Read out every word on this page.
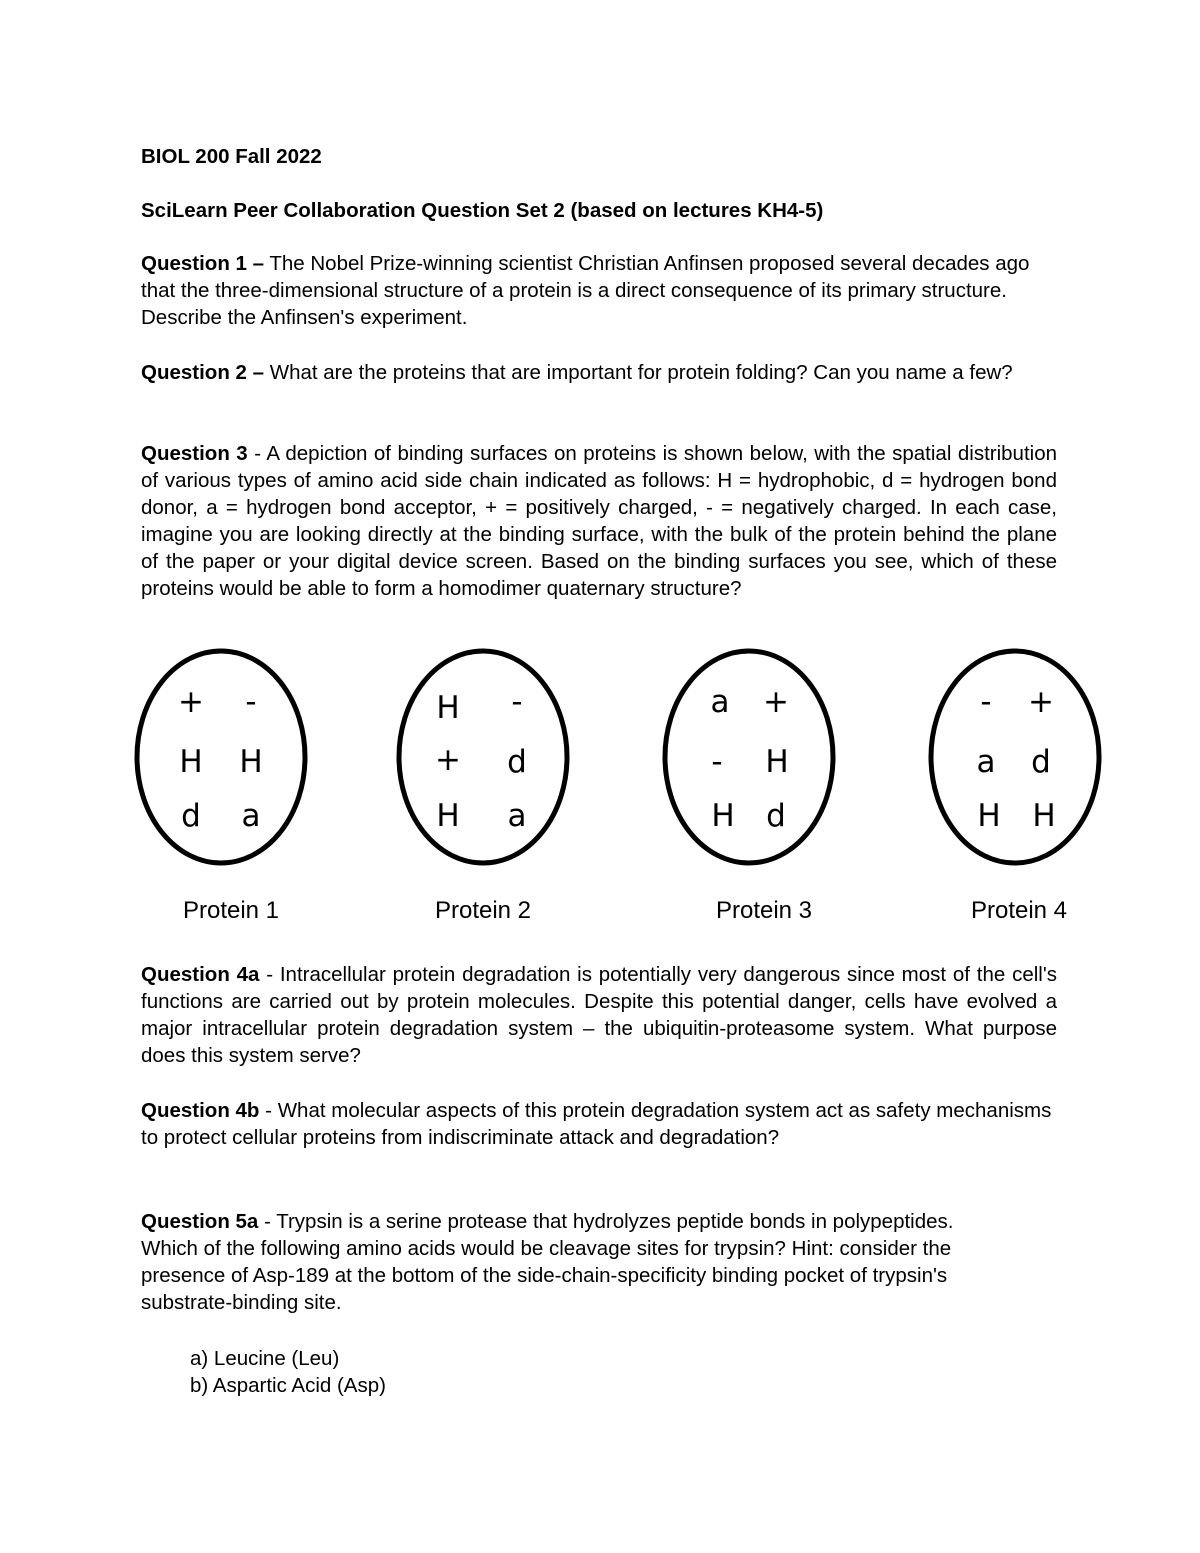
BIOL 200 Fall 2022
SciLearn Peer Collaboration Question Set 2 (based on lectures KH4-5)
Question 1 – The Nobel Prize-winning scientist Christian Anfinsen proposed several decades ago that the three-dimensional structure of a protein is a direct consequence of its primary structure. Describe the Anfinsen's experiment.
Question 2 – What are the proteins that are important for protein folding? Can you name a few?
Question 3 - A depiction of binding surfaces on proteins is shown below, with the spatial distribution of various types of amino acid side chain indicated as follows: H = hydrophobic, d = hydrogen bond donor, a = hydrogen bond acceptor, + = positively charged, - = negatively charged. In each case, imagine you are looking directly at the binding surface, with the bulk of the protein behind the plane of the paper or your digital device screen. Based on the binding surfaces you see, which of these proteins would be able to form a homodimer quaternary structure?
+	-
H	H
d	a
H	-
+	d
H	a
a	+
-	H
H	d
-	+
a	d
H	H
Protein 1	Protein 2	Protein 3	Protein 4
Question 4a - Intracellular protein degradation is potentially very dangerous since most of the cell's functions are carried out by protein molecules. Despite this potential danger, cells have evolved a major intracellular protein degradation system – the ubiquitin-proteasome system. What purpose does this system serve?
Question 4b - What molecular aspects of this protein degradation system act as safety mechanisms to protect cellular proteins from indiscriminate attack and degradation?
Question 5a - Trypsin is a serine protease that hydrolyzes peptide bonds in polypeptides. Which of the following amino acids would be cleavage sites for trypsin? Hint: consider the presence of Asp-189 at the bottom of the side-chain-specificity binding pocket of trypsin's substrate-binding site.
a) Leucine (Leu)
b) Aspartic Acid (Asp)
